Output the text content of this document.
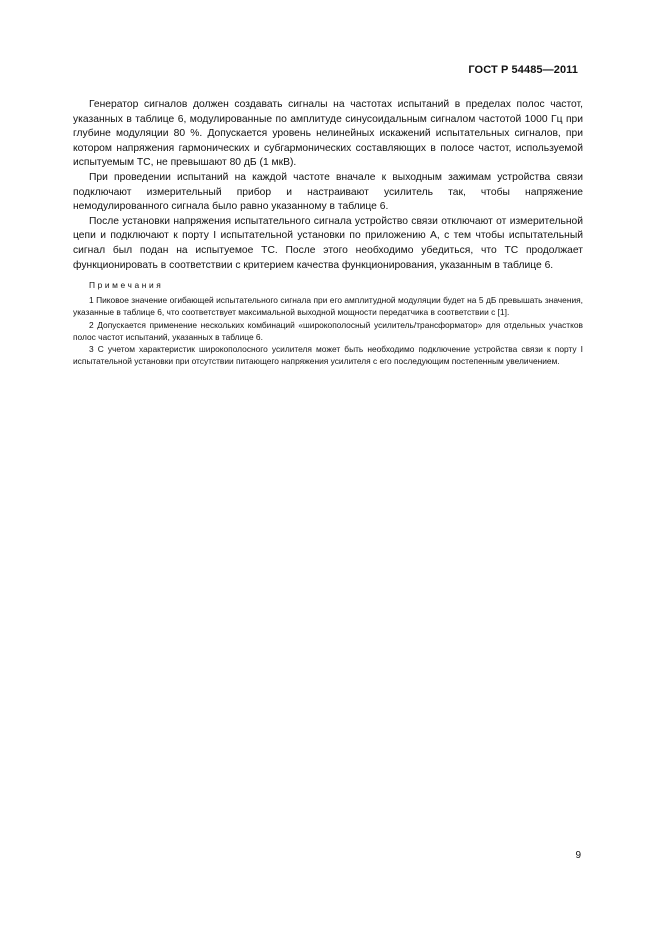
ГОСТ Р 54485—2011

Генератор сигналов должен создавать сигналы на частотах испытаний в пределах полос частот, указанных в таблице 6, модулированные по амплитуде синусоидальным сигналом частотой 1000 Гц при глубине модуляции 80 %. Допускается уровень нелинейных искажений испытательных сигналов, при котором напряжения гармонических и субгармонических составляющих в полосе частот, используемой испытуемым ТС, не превышают 80 дБ (1 мкВ).

При проведении испытаний на каждой частоте вначале к выходным зажимам устройства связи подключают измерительный прибор и настраивают усилитель так, чтобы напряжение немодулированного сигнала было равно указанному в таблице 6.

После установки напряжения испытательного сигнала устройство связи отключают от измерительной цепи и подключают к порту I испытательной установки по приложению А, с тем чтобы испытательный сигнал был подан на испытуемое ТС. После этого необходимо убедиться, что ТС продолжает функционировать в соответствии с критерием качества функционирования, указанным в таблице 6.

Примечания

1 Пиковое значение огибающей испытательного сигнала при его амплитудной модуляции будет на 5 дБ превышать значения, указанные в таблице 6, что соответствует максимальной выходной мощности передатчика в соответствии с [1].

2 Допускается применение нескольких комбинаций «широкополосный усилитель/трансформатор» для отдельных участков полос частот испытаний, указанных в таблице 6.

3 С учетом характеристик широкополосного усилителя может быть необходимо подключение устройства связи к порту I испытательной установки при отсутствии питающего напряжения усилителя с его последующим постепенным увеличением.

9
